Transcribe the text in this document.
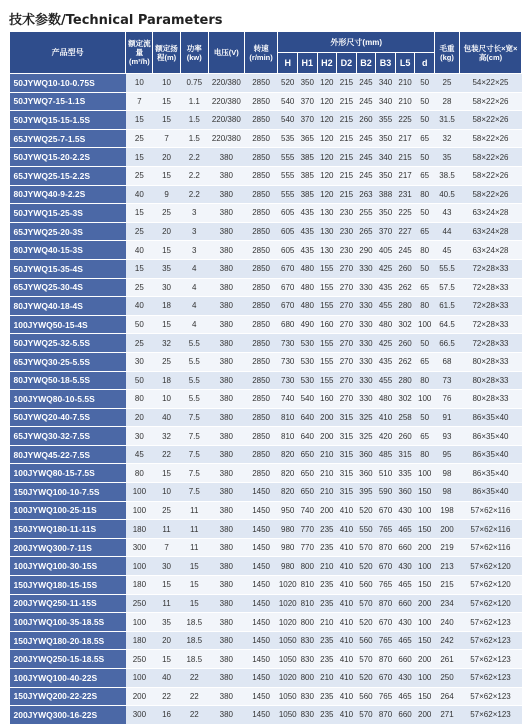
技术参数/Technical Parameters
产品型号	额定流量(m³/h)	额定扬程(m)	功率(kw)	电压(V)	转速(r/min)	外形尺寸(mm)								毛重(kg)	包装尺寸长×宽×高(cm)
						H	H1	H2	D2	B2	B3	L5	d		
50JYWQ10-10-0.75S	10	10	0.75	220/380	2850	520	350	120	215	245	340	210	50	25	54×22×25
50JYWQ7-15-1.1S	7	15	1.1	220/380	2850	540	370	120	215	245	340	210	50	28	58×22×26
50JYWQ15-15-1.5S	15	15	1.5	220/380	2850	540	370	120	215	260	355	225	50	31.5	58×22×26
65JYWQ25-7-1.5S	25	7	1.5	220/380	2850	535	365	120	215	245	350	217	65	32	58×22×26
50JYWQ15-20-2.2S	15	20	2.2	380	2850	555	385	120	215	245	340	215	50	35	58×22×26
65JYWQ25-15-2.2S	25	15	2.2	380	2850	555	385	120	215	245	350	217	65	38.5	58×22×26
80JYWQ40-9-2.2S	40	9	2.2	380	2850	555	385	120	215	263	388	231	80	40.5	58×22×26
50JYWQ15-25-3S	15	25	3	380	2850	605	435	130	230	255	350	225	50	43	63×24×28
65JYWQ25-20-3S	25	20	3	380	2850	605	435	130	230	265	370	227	65	44	63×24×28
80JYWQ40-15-3S	40	15	3	380	2850	605	435	130	230	290	405	245	80	45	63×24×28
50JYWQ15-35-4S	15	35	4	380	2850	670	480	155	270	330	425	260	50	55.5	72×28×33
65JYWQ25-30-4S	25	30	4	380	2850	670	480	155	270	330	435	262	65	57.5	72×28×33
80JYWQ40-18-4S	40	18	4	380	2850	670	480	155	270	330	455	280	80	61.5	72×28×33
100JYWQ50-15-4S	50	15	4	380	2850	680	490	160	270	330	480	302	100	64.5	72×28×33
50JYWQ25-32-5.5S	25	32	5.5	380	2850	730	530	155	270	330	425	260	50	66.5	72×28×33
65JYWQ30-25-5.5S	30	25	5.5	380	2850	730	530	155	270	330	435	262	65	68	80×28×33
80JYWQ50-18-5.5S	50	18	5.5	380	2850	730	530	155	270	330	455	280	80	73	80×28×33
100JYWQ80-10-5.5S	80	10	5.5	380	2850	740	540	160	270	330	480	302	100	76	80×28×33
50JYWQ20-40-7.5S	20	40	7.5	380	2850	810	640	200	315	325	410	258	50	91	86×35×40
65JYWQ30-32-7.5S	30	32	7.5	380	2850	810	640	200	315	325	420	260	65	93	86×35×40
80JYWQ45-22-7.5S	45	22	7.5	380	2850	820	650	210	315	360	485	315	80	95	86×35×40
100JYWQ80-15-7.5S	80	15	7.5	380	2850	820	650	210	315	360	510	335	100	98	86×35×40
150JYWQ100-10-7.5S	100	10	7.5	380	1450	820	650	210	315	395	590	360	150	98	86×35×40
100JYWQ100-25-11S	100	25	11	380	1450	950	740	200	410	520	670	430	100	198	57×62×116
150JYWQ180-11-11S	180	11	11	380	1450	980	770	235	410	550	765	465	150	200	57×62×116
200JYWQ300-7-11S	300	7	11	380	1450	980	770	235	410	570	870	660	200	219	57×62×116
100JYWQ100-30-15S	100	30	15	380	1450	980	800	210	410	520	670	430	100	213	57×62×120
150JYWQ180-15-15S	180	15	15	380	1450	1020	810	235	410	560	765	465	150	215	57×62×120
200JYWQ250-11-15S	250	11	15	380	1450	1020	810	235	410	570	870	660	200	234	57×62×120
100JYWQ100-35-18.5S	100	35	18.5	380	1450	1020	800	210	410	520	670	430	100	240	57×62×123
150JYWQ180-20-18.5S	180	20	18.5	380	1450	1050	830	235	410	560	765	465	150	242	57×62×123
200JYWQ250-15-18.5S	250	15	18.5	380	1450	1050	830	235	410	570	870	660	200	261	57×62×123
100JYWQ100-40-22S	100	40	22	380	1450	1020	800	210	410	520	670	430	100	250	57×62×123
150JYWQ200-22-22S	200	22	22	380	1450	1050	830	235	410	560	765	465	150	264	57×62×123
200JYWQ300-16-22S	300	16	22	380	1450	1050	830	235	410	570	870	660	200	271	57×62×123
